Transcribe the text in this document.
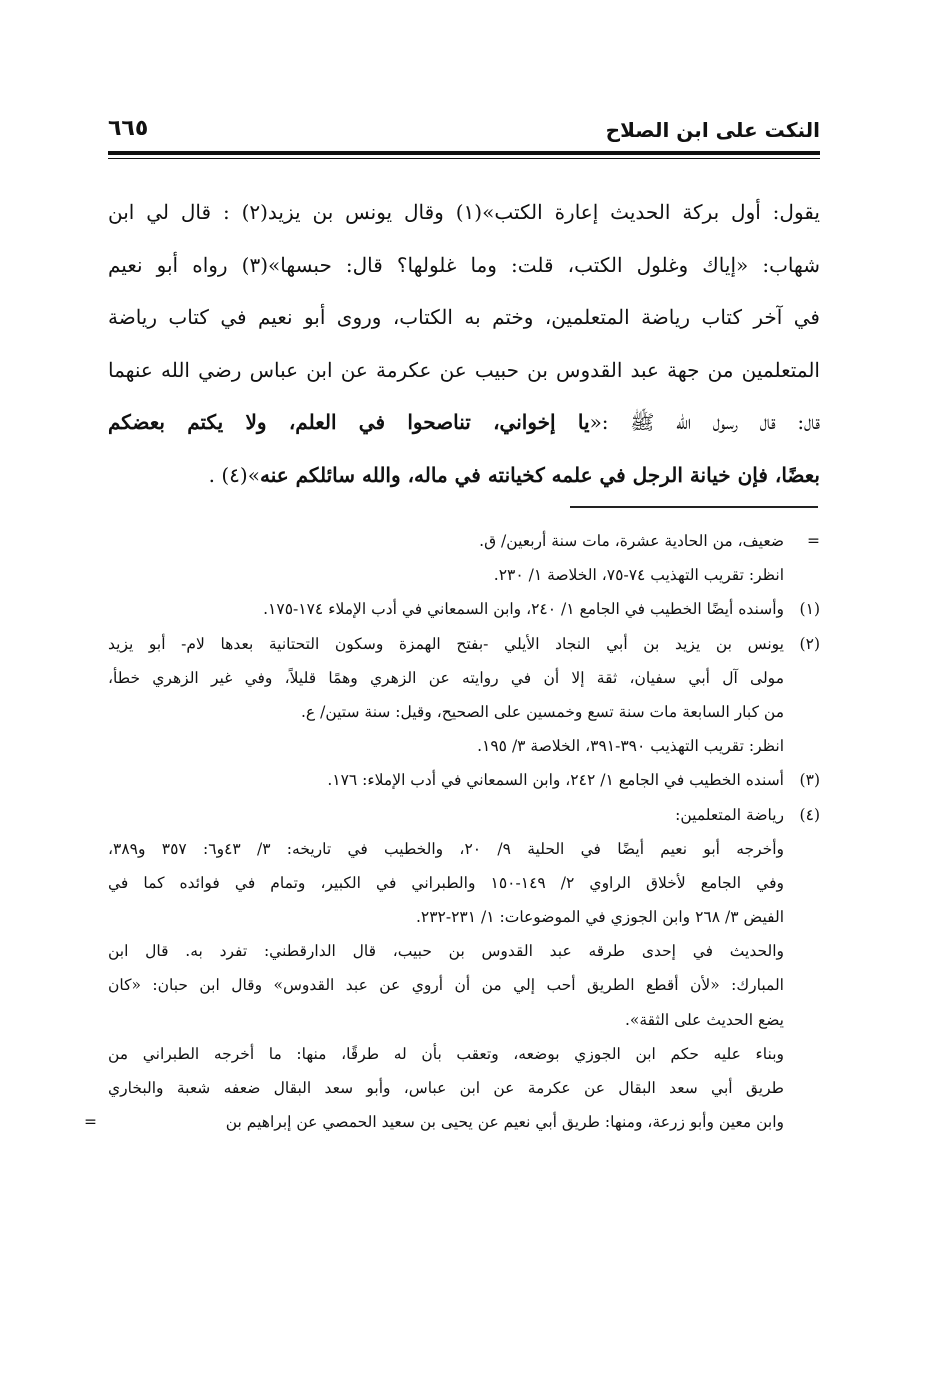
النكت على ابن الصلاح
٦٦٥
يقول: أول بركة الحديث إعارة الكتب»(١) وقال يونس بن يزيد(٢) : قال لي ابن
شهاب: «إياك وغلول الكتب، قلت: وما غلولها؟ قال: حبسها»(٣) رواه أبو نعيم
في آخر كتاب رياضة المتعلمين، وختم به الكتاب، وروى أبو نعيم في كتاب رياضة
المتعلمين من جهة عبد القدوس بن حبيب عن عكرمة عن ابن عباس رضي الله عنهما
قال: قال رسول الله ﷺ :«يا إخواني، تناصحوا في العلم، ولا يكتم بعضكم
بعضًا، فإن خيانة الرجل في علمه كخيانته في ماله، والله سائلكم عنه»(٤) .
=
ضعيف، من الحادية عشرة، مات سنة أربعين/ ق.
انظر: تقريب التهذيب ٧٤-٧٥، الخلاصة ١/ ٢٣٠.
(١)
وأسنده أيضًا الخطيب في الجامع ١/ ٢٤٠، وابن السمعاني في أدب الإملاء ١٧٤-١٧٥.
(٢)
يونس بن يزيد بن أبي النجاد الأيلي -بفتح الهمزة وسكون التحتانية بعدها لام- أبو يزيد
مولى آل أبي سفيان، ثقة إلا أن في روايته عن الزهري وهمًا قليلاً، وفي غير الزهري خطأ،
من كبار السابعة مات سنة تسع وخمسين على الصحيح، وقيل: سنة ستين/ ع.
انظر: تقريب التهذيب ٣٩٠-٣٩١، الخلاصة ٣/ ١٩٥.
(٣)
أسنده الخطيب في الجامع ١/ ٢٤٢، وابن السمعاني في أدب الإملاء: ١٧٦.
(٤)
رياضة المتعلمين:
وأخرجه أبو نعيم أيضًا في الحلية ٩/ ٢٠، والخطيب في تاريخه: ٣/ ٤٣و٦: ٣٥٧ و٣٨٩،
وفي الجامع لأخلاق الراوي ٢/ ١٤٩-١٥٠ والطبراني في الكبير، وتمام في فوائده كما في
الفيض ٣/ ٢٦٨ وابن الجوزي في الموضوعات: ١/ ٢٣١-٢٣٢.
والحديث في إحدى طرقه عبد القدوس بن حبيب، قال الدارقطني: تفرد به. قال ابن
المبارك: «لأن أقطع الطريق أحب إلي من أن أروي عن عبد القدوس» وقال ابن حبان: «كان
يضع الحديث على الثقة».
وبناء عليه حكم ابن الجوزي بوضعه، وتعقب بأن له طرقًا، منها: ما أخرجه الطبراني من
طريق أبي سعد البقال عن عكرمة عن ابن عباس، وأبو سعد البقال ضعفه شعبة والبخاري
وابن معين وأبو زرعة، ومنها: طريق أبي نعيم عن يحيى بن سعيد الحمصي عن إبراهيم بن
=
